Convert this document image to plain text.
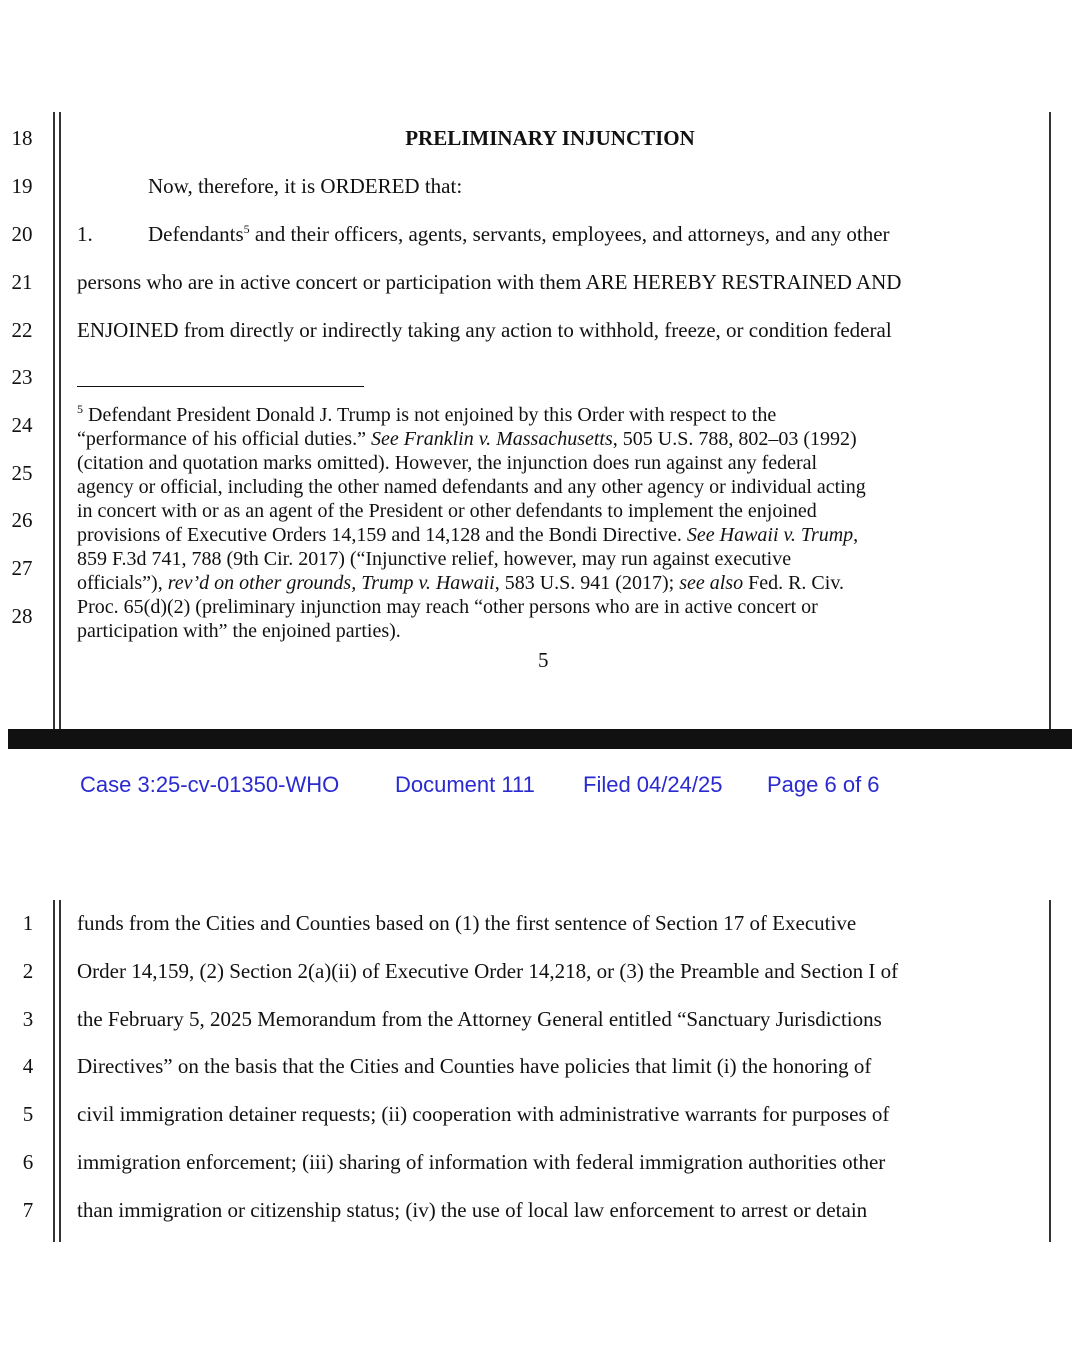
18
19
20
21
22
23
24
25
26
27
28
PRELIMINARY INJUNCTION
Now, therefore, it is ORDERED that:
1.	Defendants$^5$ and their officers, agents, servants, employees, and attorneys, and any other
persons who are in active concert or participation with them ARE HEREBY RESTRAINED AND
ENJOINED from directly or indirectly taking any action to withhold, freeze, or condition federal
$^5$ Defendant President Donald J. Trump is not enjoined by this Order with respect to the
“performance of his official duties.” See Franklin v. Massachusetts, 505 U.S. 788, 802–03 (1992)
(citation and quotation marks omitted). However, the injunction does run against any federal
agency or official, including the other named defendants and any other agency or individual acting
in concert with or as an agent of the President or other defendants to implement the enjoined
provisions of Executive Orders 14,159 and 14,128 and the Bondi Directive. See Hawaii v. Trump,
859 F.3d 741, 788 (9th Cir. 2017) (“Injunctive relief, however, may run against executive
officials”), rev’d on other grounds, Trump v. Hawaii, 583 U.S. 941 (2017); see also Fed. R. Civ.
Proc. 65(d)(2) (preliminary injunction may reach “other persons who are in active concert or
participation with” the enjoined parties).
5
Case 3:25-cv-01350-WHO	Document 111 Filed 04/24/25 Page 6 of 6
1
2
3
4
5
6
7
funds from the Cities and Counties based on (1) the first sentence of Section 17 of Executive
Order 14,159, (2) Section 2(a)(ii) of Executive Order 14,218, or (3) the Preamble and Section I of
the February 5, 2025 Memorandum from the Attorney General entitled “Sanctuary Jurisdictions
Directives” on the basis that the Cities and Counties have policies that limit (i) the honoring of
civil immigration detainer requests; (ii) cooperation with administrative warrants for purposes of
immigration enforcement; (iii) sharing of information with federal immigration authorities other
than immigration or citizenship status; (iv) the use of local law enforcement to arrest or detain
